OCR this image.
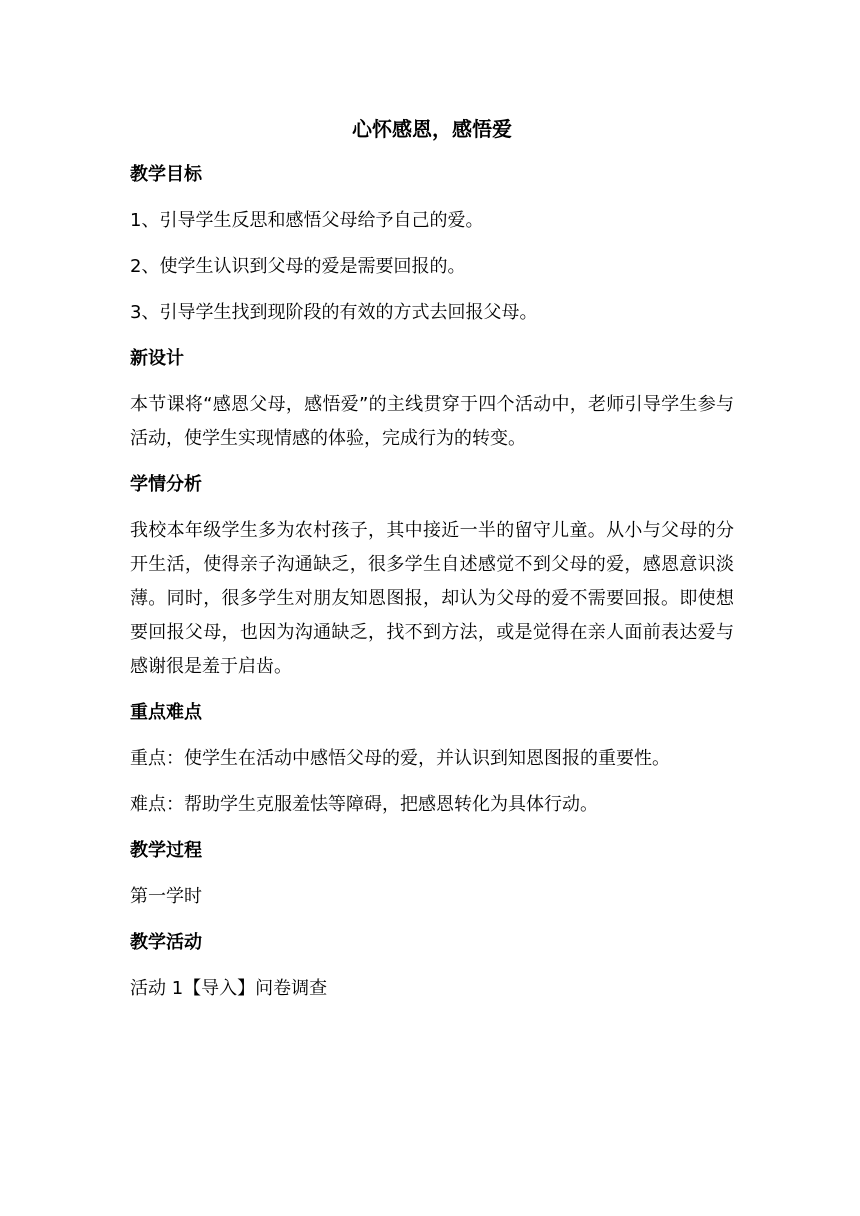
心怀感恩，感悟爱
教学目标
1、引导学生反思和感悟父母给予自己的爱。
2、使学生认识到父母的爱是需要回报的。
3、引导学生找到现阶段的有效的方式去回报父母。
新设计
本节课将“感恩父母，感悟爱”的主线贯穿于四个活动中，老师引导学生参与活动，使学生实现情感的体验，完成行为的转变。
学情分析
我校本年级学生多为农村孩子，其中接近一半的留守儿童。从小与父母的分开生活，使得亲子沟通缺乏，很多学生自述感觉不到父母的爱，感恩意识淡薄。同时，很多学生对朋友知恩图报，却认为父母的爱不需要回报。即使想要回报父母，也因为沟通缺乏，找不到方法，或是觉得在亲人面前表达爱与感谢很是羞于启齿。
重点难点
重点：使学生在活动中感悟父母的爱，并认识到知恩图报的重要性。
难点：帮助学生克服羞怯等障碍，把感恩转化为具体行动。
教学过程
第一学时
教学活动
活动 1【导入】问卷调查
